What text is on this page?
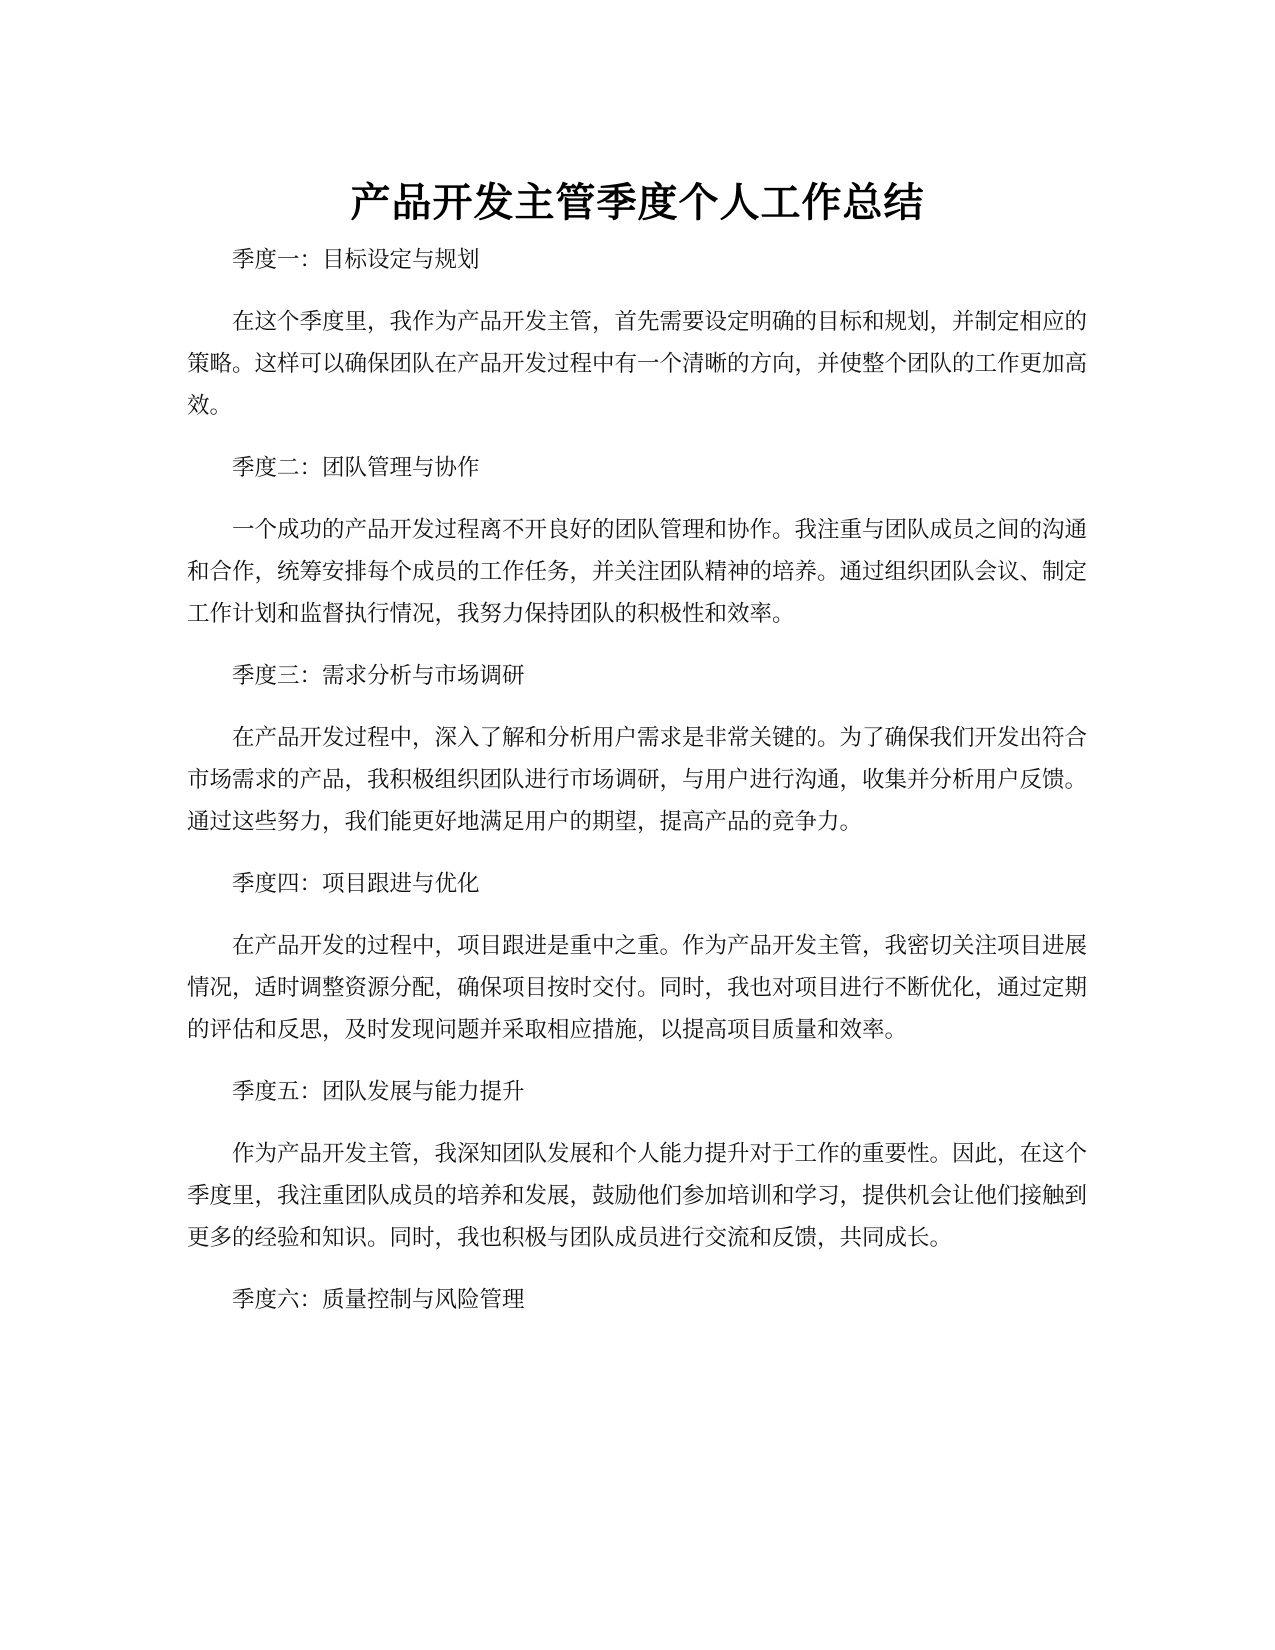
产品开发主管季度个人工作总结

季度一：目标设定与规划

在这个季度里，我作为产品开发主管，首先需要设定明确的目标和规划，并制定相应的策略。这样可以确保团队在产品开发过程中有一个清晰的方向，并使整个团队的工作更加高效。

季度二：团队管理与协作

一个成功的产品开发过程离不开良好的团队管理和协作。我注重与团队成员之间的沟通和合作，统筹安排每个成员的工作任务，并关注团队精神的培养。通过组织团队会议、制定工作计划和监督执行情况，我努力保持团队的积极性和效率。

季度三：需求分析与市场调研

在产品开发过程中，深入了解和分析用户需求是非常关键的。为了确保我们开发出符合市场需求的产品，我积极组织团队进行市场调研，与用户进行沟通，收集并分析用户反馈。通过这些努力，我们能更好地满足用户的期望，提高产品的竞争力。

季度四：项目跟进与优化

在产品开发的过程中，项目跟进是重中之重。作为产品开发主管，我密切关注项目进展情况，适时调整资源分配，确保项目按时交付。同时，我也对项目进行不断优化，通过定期的评估和反思，及时发现问题并采取相应措施，以提高项目质量和效率。

季度五：团队发展与能力提升

作为产品开发主管，我深知团队发展和个人能力提升对于工作的重要性。因此，在这个季度里，我注重团队成员的培养和发展，鼓励他们参加培训和学习，提供机会让他们接触到更多的经验和知识。同时，我也积极与团队成员进行交流和反馈，共同成长。

季度六：质量控制与风险管理
